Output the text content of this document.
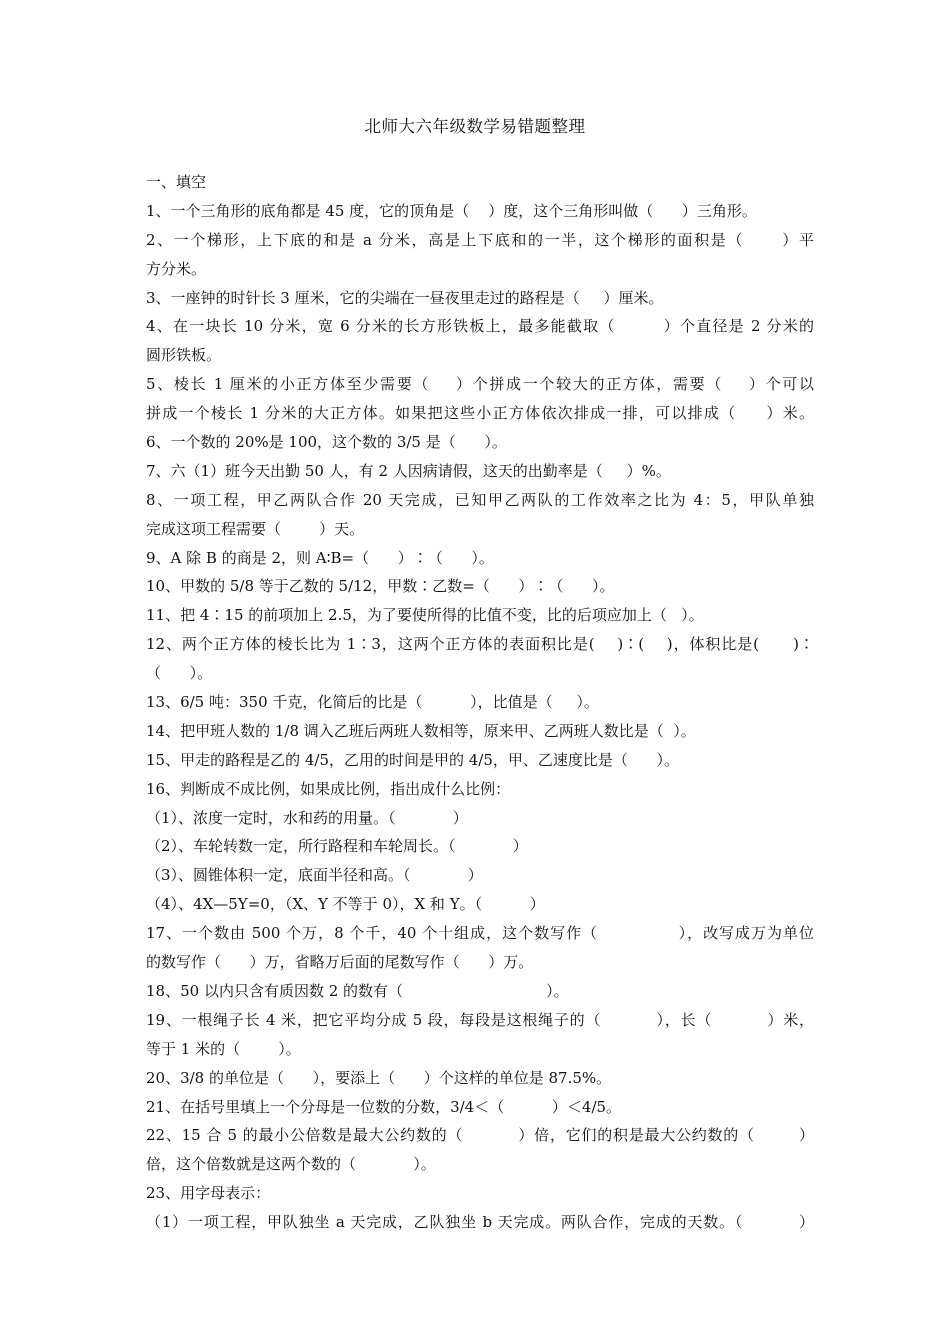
北师大六年级数学易错题整理
一、填空
1、一个三角形的底角都是 45 度，它的顶角是（    ）度，这个三角形叫做（      ）三角形。
2、一个梯形，上下底的和是 a 分米，高是上下底和的一半，这个梯形的面积是（      ）平
方分米。
3、一座钟的时针长 3 厘米，它的尖端在一昼夜里走过的路程是（     ）厘米。
4、在一块长 10 分米，宽 6 分米的长方形铁板上，最多能截取（        ）个直径是 2 分米的
圆形铁板。
5、棱长 1 厘米的小正方体至少需要（    ）个拼成一个较大的正方体，需要（    ）个可以
拼成一个棱长 1 分米的大正方体。如果把这些小正方体依次排成一排，可以排成（     ）米。
6、一个数的 20%是 100，这个数的 3/5 是（      ）。
7、六（1）班今天出勤 50 人，有 2 人因病请假，这天的出勤率是（     ）%。
8、一项工程，甲乙两队合作 20 天完成，已知甲乙两队的工作效率之比为 4：5，甲队单独
完成这项工程需要（        ）天。
9、A 除 B 的商是 2，则 A∶B=（      ）∶（      ）。
10、甲数的 5/8 等于乙数的 5/12，甲数∶乙数=（      ）∶（      ）。
11、把 4∶15 的前项加上 2.5，为了要使所得的比值不变，比的后项应加上（   ）。
12、两个正方体的棱长比为 1∶3，这两个正方体的表面积比是(    )∶(    )，体积比是(      )∶
（      ）。
13、6/5 吨：350 千克，化简后的比是（          ），比值是（     ）。
14、把甲班人数的 1/8 调入乙班后两班人数相等，原来甲、乙两班人数比是（  ）。
15、甲走的路程是乙的 4/5，乙用的时间是甲的 4/5，甲、乙速度比是（      ）。
16、判断成不成比例，如果成比例，指出成什么比例：
（1）、浓度一定时，水和药的用量。（            ）
（2）、车轮转数一定，所行路程和车轮周长。（            ）
（3）、圆锥体积一定，底面半径和高。（            ）
（4）、4X—5Y=0，（X、Y 不等于 0），X 和 Y。（          ）
17、一个数由 500 个万，8 个千，40 个十组成，这个数写作（              ），改写成万为单位
的数写作（      ）万，省略万后面的尾数写作（      ）万。
18、50 以内只含有质因数 2 的数有（                              ）。
19、一根绳子长 4 米，把它平均分成 5 段，每段是这根绳子的（          ），长（          ）米，
等于 1 米的（        ）。
20、3/8 的单位是（      ），要添上（      ）个这样的单位是 87.5%。
21、在括号里填上一个分母是一位数的分数，3/4＜（          ）＜4/5。
22、15 合 5 的最小公倍数是最大公约数的（          ）倍，它们的积是最大公约数的（        ）
倍，这个倍数就是这两个数的（            ）。
23、用字母表示：
（1）一项工程，甲队独坐 a 天完成，乙队独坐 b 天完成。两队合作，完成的天数。（          ）
